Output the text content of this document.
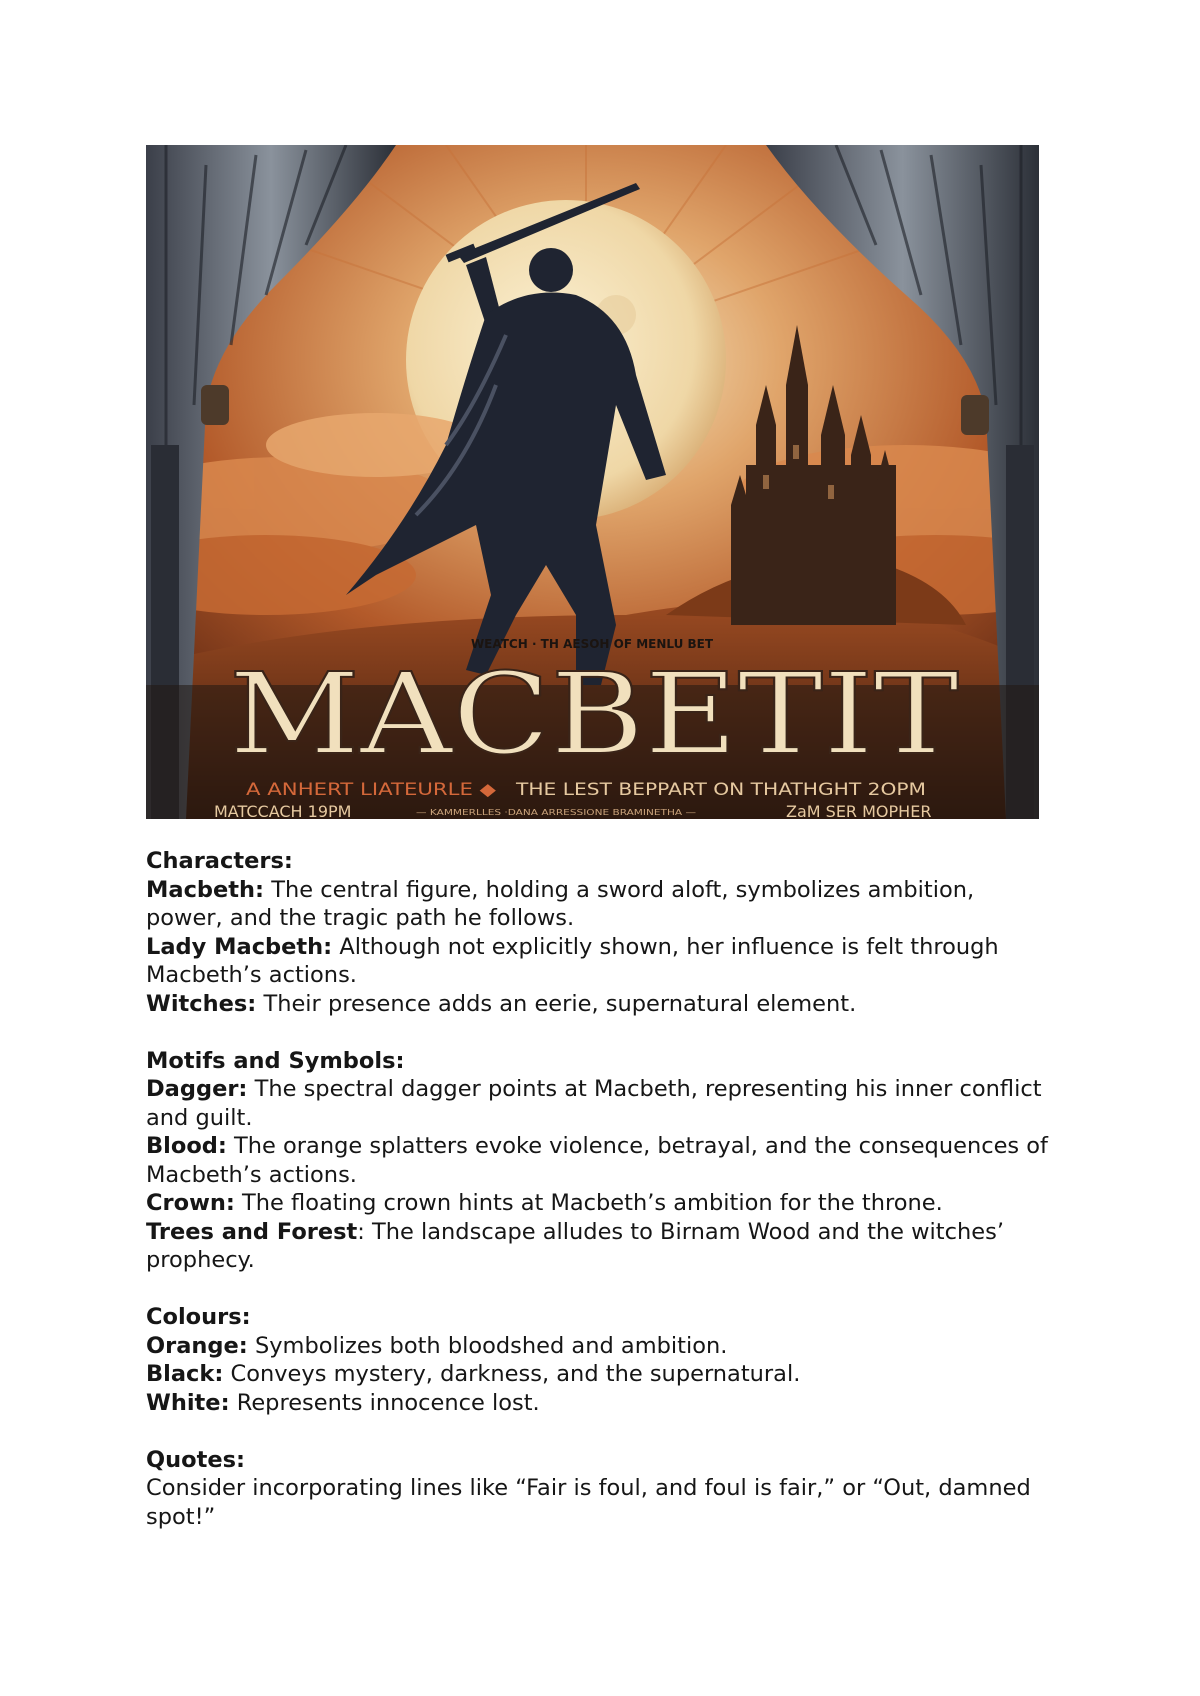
WEATCH · TH AESOH OF MENLU BET
MACBETIT
A ANHERT LIATEURLE ◆ THE LEST BEPPART ON THATHGHT 2ОРМ
MATCCACH 19PM	— KAMMERLLES ·DANA ARRESSIONE BRAMINETHA —	ZaM SER MOPHER
Characters:
Macbeth: The central figure, holding a sword aloft, symbolizes ambition, power, and the tragic path he follows.
Lady Macbeth: Although not explicitly shown, her influence is felt through Macbeth’s actions.
Witches: Their presence adds an eerie, supernatural element.
Motifs and Symbols:
Dagger: The spectral dagger points at Macbeth, representing his inner conflict and guilt.
Blood: The orange splatters evoke violence, betrayal, and the consequences of Macbeth’s actions.
Crown: The floating crown hints at Macbeth’s ambition for the throne.
Trees and Forest: The landscape alludes to Birnam Wood and the witches’ prophecy.
Colours:
Orange: Symbolizes both bloodshed and ambition.
Black: Conveys mystery, darkness, and the supernatural.
White: Represents innocence lost.
Quotes:
Consider incorporating lines like “Fair is foul, and foul is fair,” or “Out, damned spot!”
